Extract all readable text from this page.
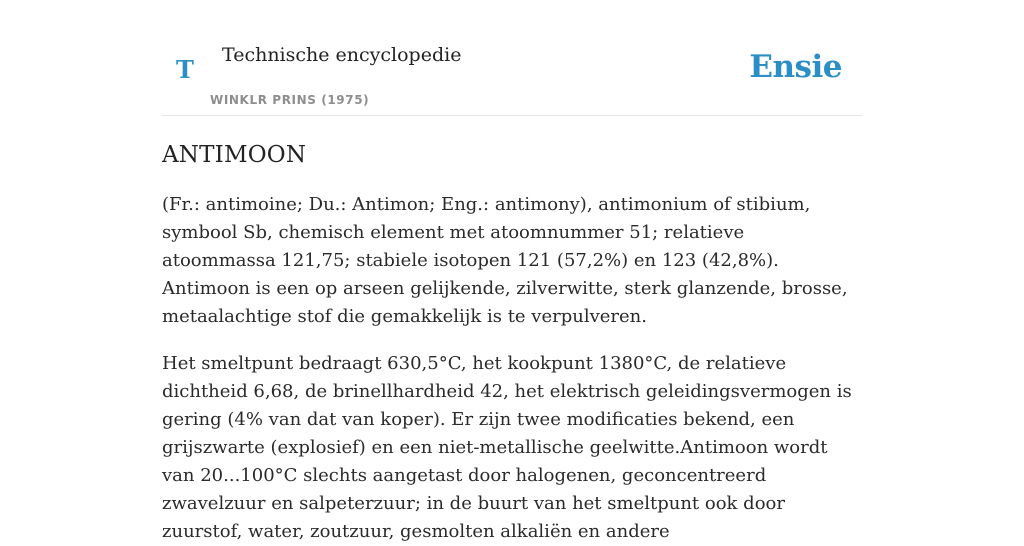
T Technische encyclopedie
WINKLR PRINS (1975)
Ensie
ANTIMOON

(Fr.: antimoine; Du.: Antimon; Eng.: antimony), antimonium of stibium, symbool Sb, chemisch element met atoomnummer 51; relatieve atoommassa 121,75; stabiele isotopen 121 (57,2%) en 123 (42,8%). Antimoon is een op arseen gelijkende, zilverwitte, sterk glanzende, brosse, metaalachtige stof die gemakkelijk is te verpulveren.

Het smeltpunt bedraagt 630,5°C, het kookpunt 1380°C, de relatieve dichtheid 6,68, de brinellhardheid 42, het elektrisch geleidingsvermogen is gering (4% van dat van koper). Er zijn twee modificaties bekend, een grijszwarte (explosief) en een niet-metallische geelwitte.Antimoon wordt van 20...100°C slechts aangetast door halogenen, geconcentreerd zwavelzuur en salpeterzuur; in de buurt van het smeltpunt ook door zuurstof, water, zoutzuur, gesmolten alkaliën en andere
